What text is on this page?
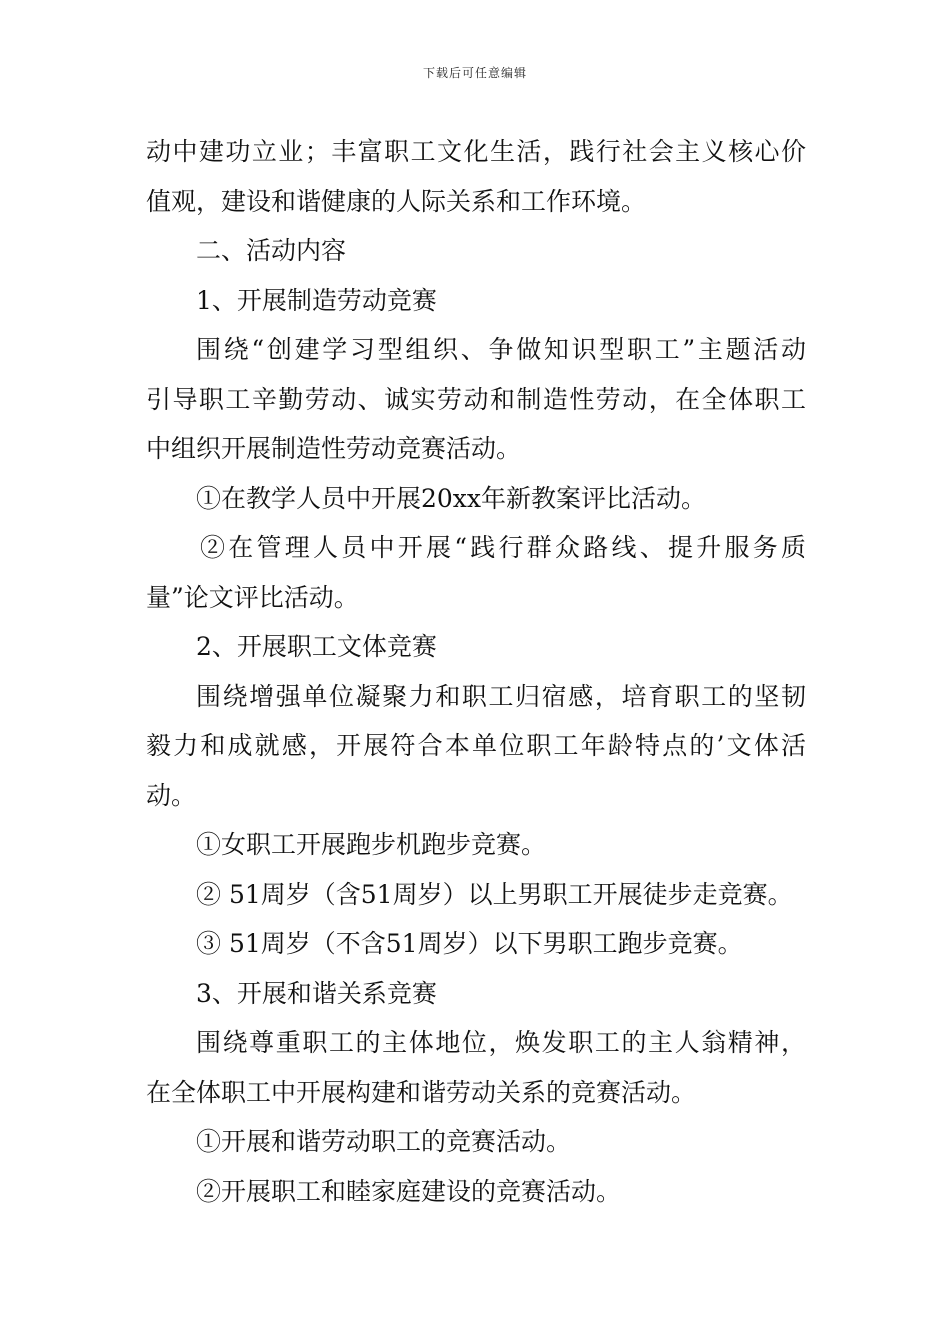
下载后可任意编辑
动中建功立业；丰富职工文化生活，践行社会主义核心价
值观，建设和谐健康的人际关系和工作环境。
二、活动内容
1、开展制造劳动竞赛
围绕“创建学习型组织、争做知识型职工”主题活动
引导职工辛勤劳动、诚实劳动和制造性劳动，在全体职工
中组织开展制造性劳动竞赛活动。
①在教学人员中开展20xx年新教案评比活动。
②在管理人员中开展“践行群众路线、提升服务质
量”论文评比活动。
2、开展职工文体竞赛
围绕增强单位凝聚力和职工归宿感，培育职工的坚韧
毅力和成就感，开展符合本单位职工年龄特点的’文体活
动。
①女职工开展跑步机跑步竞赛。
② 51周岁（含51周岁）以上男职工开展徒步走竞赛。
③ 51周岁（不含51周岁）以下男职工跑步竞赛。
3、开展和谐关系竞赛
围绕尊重职工的主体地位，焕发职工的主人翁精神，
在全体职工中开展构建和谐劳动关系的竞赛活动。
①开展和谐劳动职工的竞赛活动。
②开展职工和睦家庭建设的竞赛活动。
